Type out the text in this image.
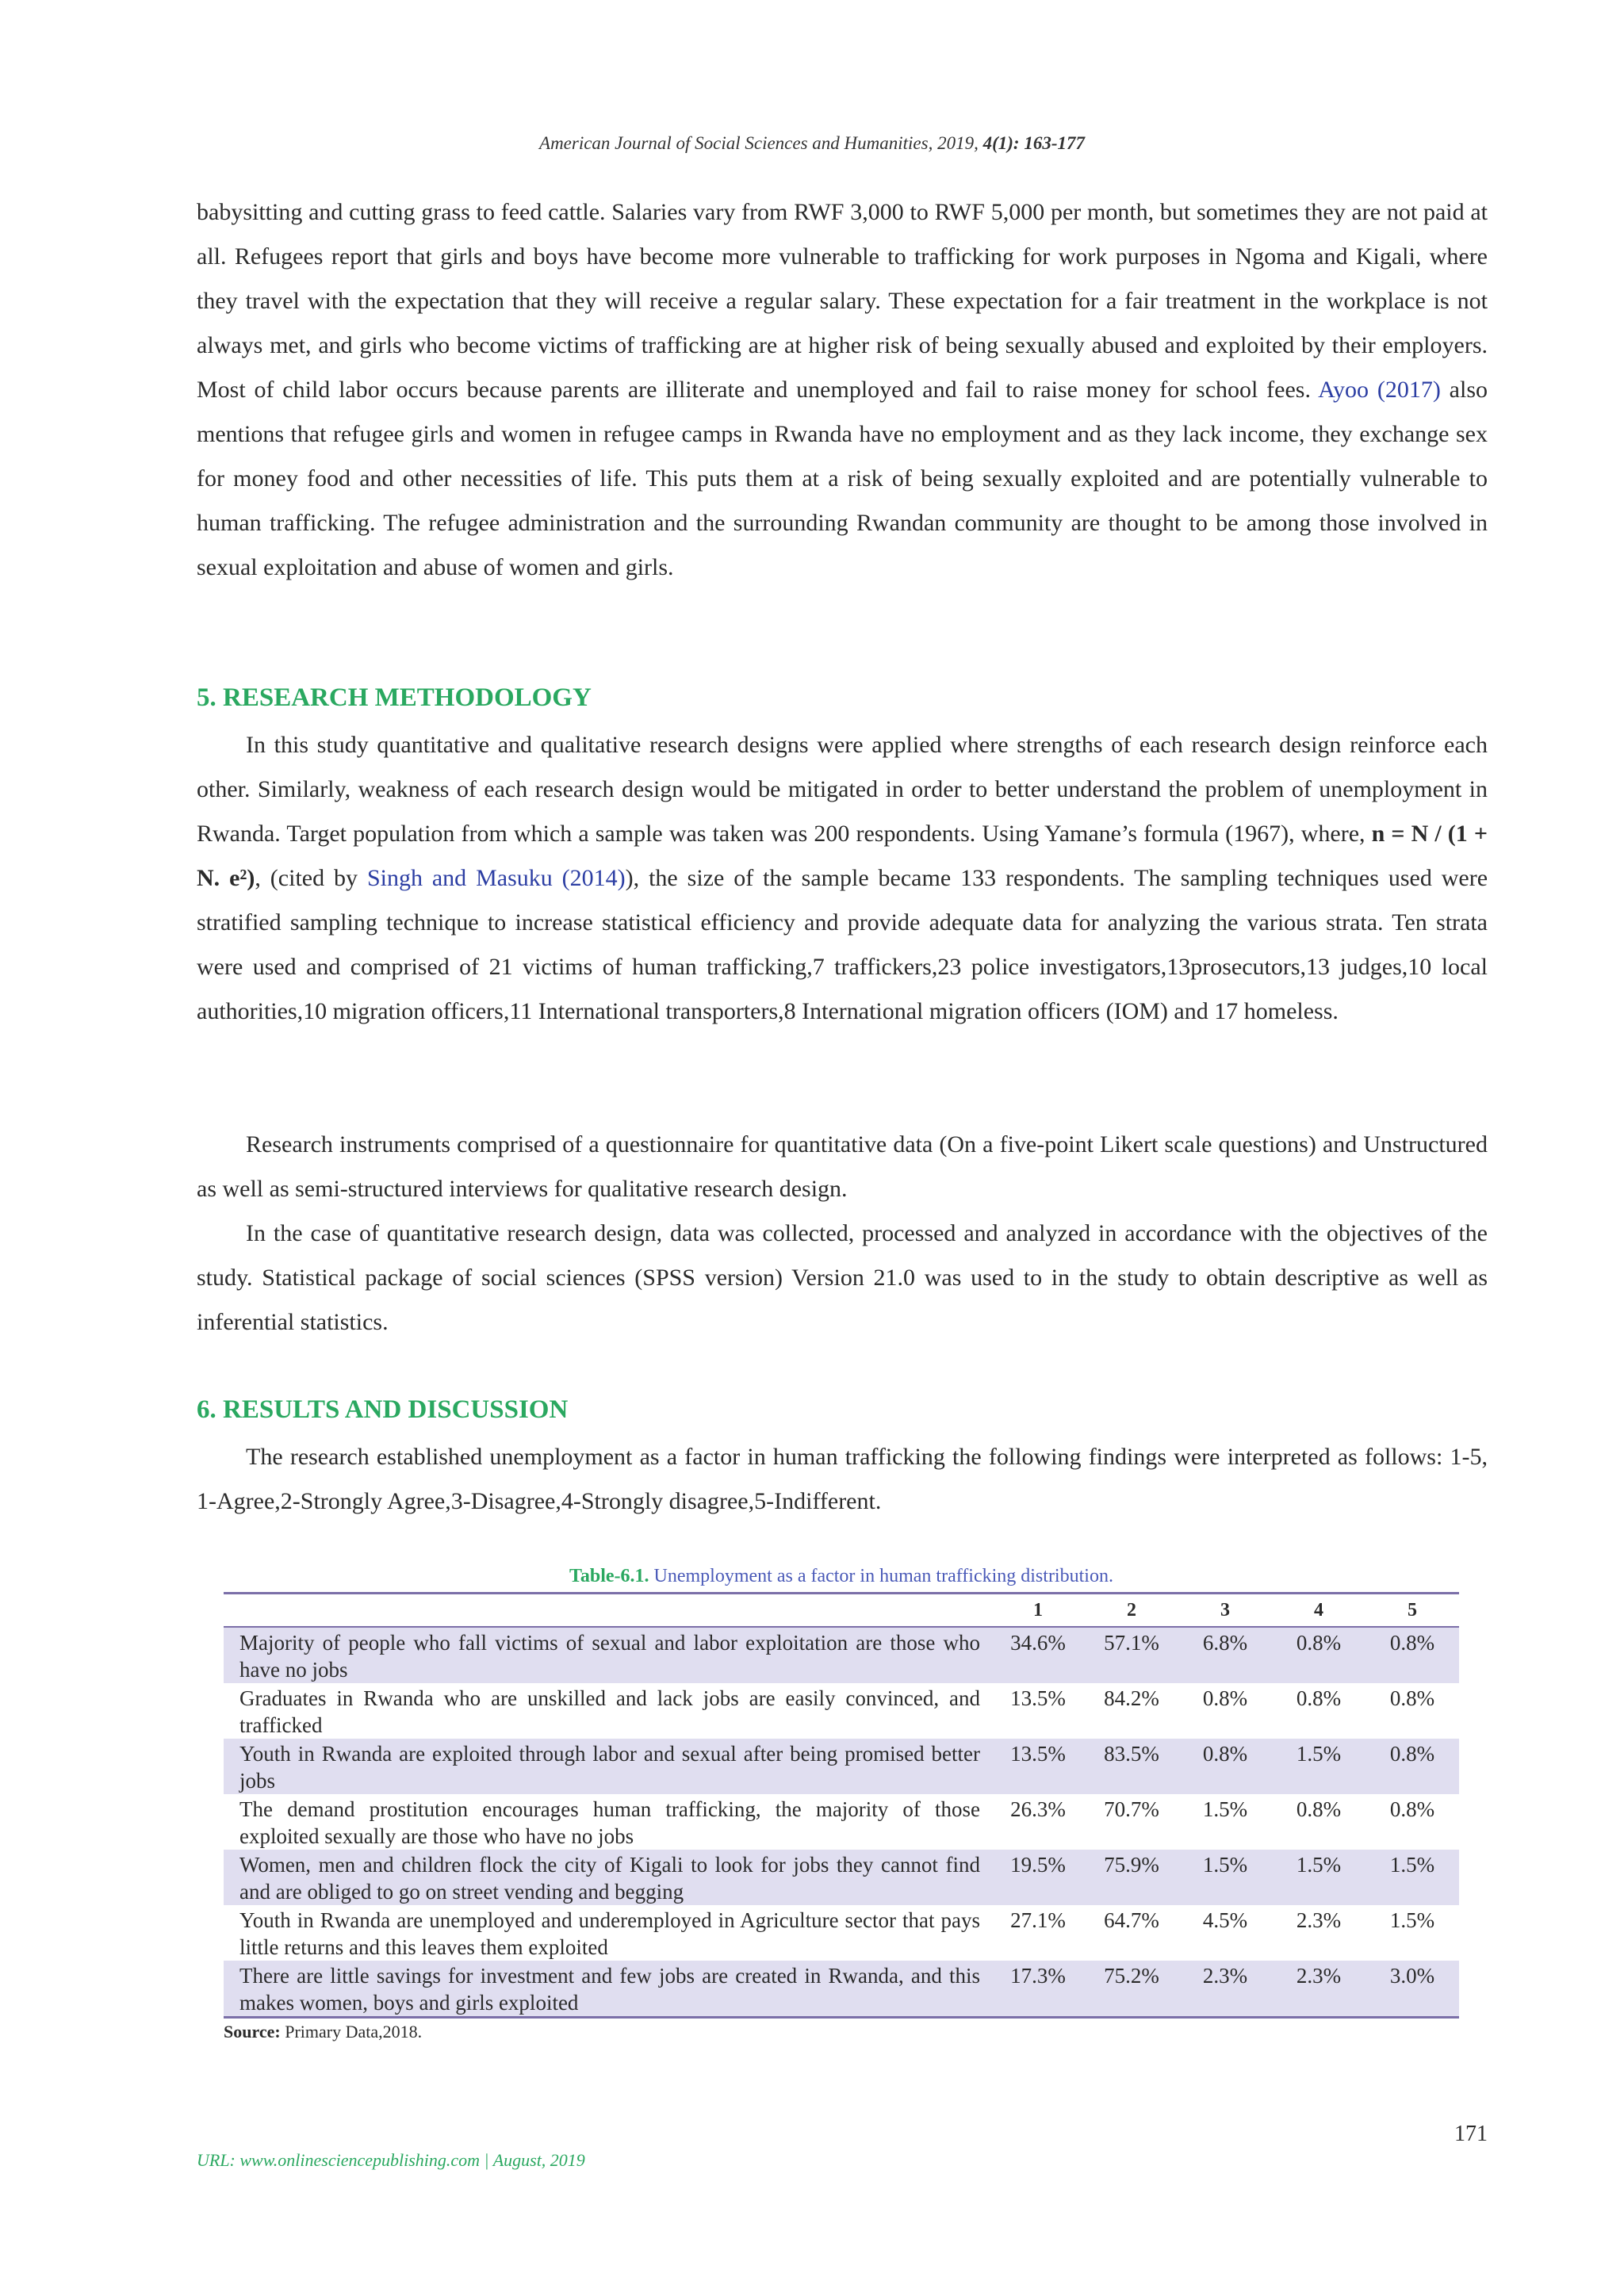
American Journal of Social Sciences and Humanities, 2019, 4(1): 163-177

babysitting and cutting grass to feed cattle. Salaries vary from RWF 3,000 to RWF 5,000 per month, but sometimes they are not paid at all. Refugees report that girls and boys have become more vulnerable to trafficking for work purposes in Ngoma and Kigali, where they travel with the expectation that they will receive a regular salary. These expectation for a fair treatment in the workplace is not always met, and girls who become victims of trafficking are at higher risk of being sexually abused and exploited by their employers. Most of child labor occurs because parents are illiterate and unemployed and fail to raise money for school fees. Ayoo (2017) also mentions that refugee girls and women in refugee camps in Rwanda have no employment and as they lack income, they exchange sex for money food and other necessities of life. This puts them at a risk of being sexually exploited and are potentially vulnerable to human trafficking. The refugee administration and the surrounding Rwandan community are thought to be among those involved in sexual exploitation and abuse of women and girls.

5. RESEARCH METHODOLOGY

In this study quantitative and qualitative research designs were applied where strengths of each research design reinforce each other. Similarly, weakness of each research design would be mitigated in order to better understand the problem of unemployment in Rwanda. Target population from which a sample was taken was 200 respondents. Using Yamane’s formula (1967), where, n = N / (1 + N. e²), (cited by Singh and Masuku (2014)), the size of the sample became 133 respondents. The sampling techniques used were stratified sampling technique to increase statistical efficiency and provide adequate data for analyzing the various strata. Ten strata were used and comprised of 21 victims of human trafficking,7 traffickers,23 police investigators,13prosecutors,13 judges,10 local authorities,10 migration officers,11 International transporters,8 International migration officers (IOM) and 17 homeless.

Research instruments comprised of a questionnaire for quantitative data (On a five-point Likert scale questions) and Unstructured as well as semi-structured interviews for qualitative research design.

In the case of quantitative research design, data was collected, processed and analyzed in accordance with the objectives of the study. Statistical package of social sciences (SPSS version) Version 21.0 was used to in the study to obtain descriptive as well as inferential statistics.

6. RESULTS AND DISCUSSION

The research established unemployment as a factor in human trafficking the following findings were interpreted as follows: 1-5, 1-Agree,2-Strongly Agree,3-Disagree,4-Strongly disagree,5-Indifferent.

Table-6.1. Unemployment as a factor in human trafficking distribution.
	1	2	3	4	5
Majority of people who fall victims of sexual and labor exploitation are those who have no jobs	34.6%	57.1%	6.8%	0.8%	0.8%
Graduates in Rwanda who are unskilled and lack jobs are easily convinced, and trafficked	13.5%	84.2%	0.8%	0.8%	0.8%
Youth in Rwanda are exploited through labor and sexual after being promised better jobs	13.5%	83.5%	0.8%	1.5%	0.8%
The demand prostitution encourages human trafficking, the majority of those exploited sexually are those who have no jobs	26.3%	70.7%	1.5%	0.8%	0.8%
Women, men and children flock the city of Kigali to look for jobs they cannot find and are obliged to go on street vending and begging	19.5%	75.9%	1.5%	1.5%	1.5%
Youth in Rwanda are unemployed and underemployed in Agriculture sector that pays little returns and this leaves them exploited	27.1%	64.7%	4.5%	2.3%	1.5%
There are little savings for investment and few jobs are created in Rwanda, and this makes women, boys and girls exploited	17.3%	75.2%	2.3%	2.3%	3.0%
Source: Primary Data,2018.
171
URL: www.onlinesciencepublishing.com | August, 2019
